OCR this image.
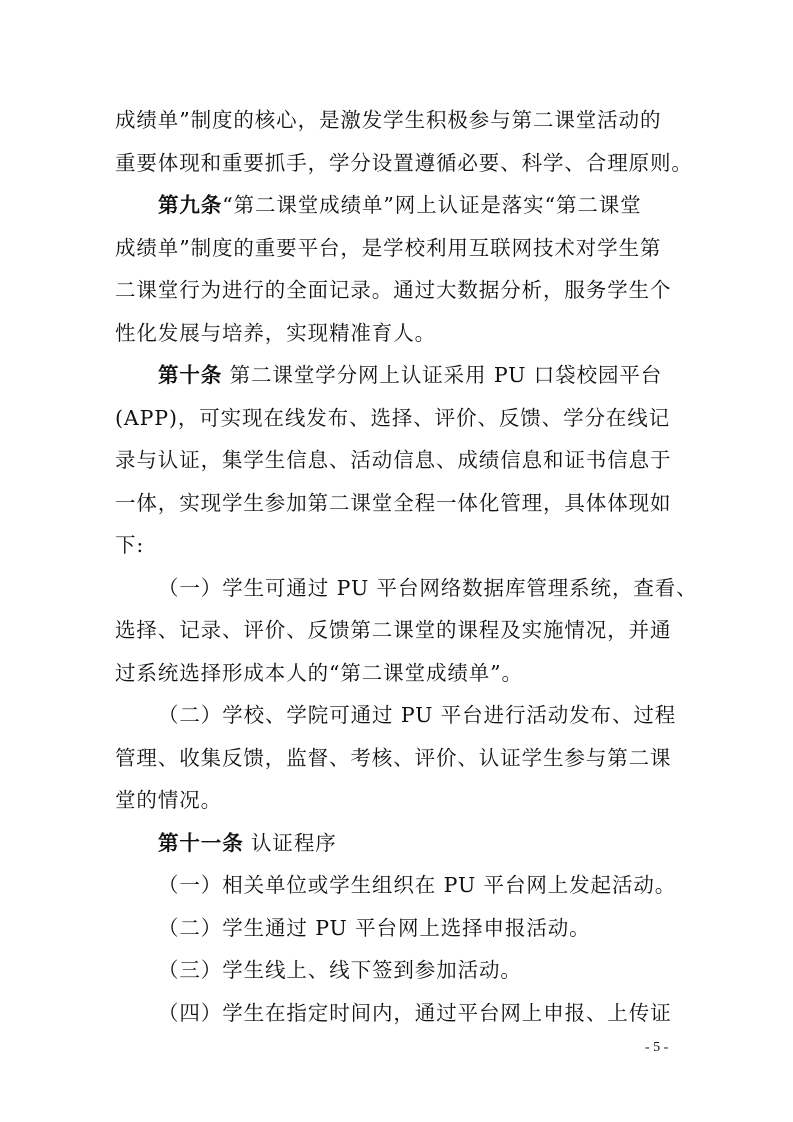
成绩单”制度的核心，是激发学生积极参与第二课堂活动的
重要体现和重要抓手，学分设置遵循必要、科学、合理原则。
第九条“第二课堂成绩单”网上认证是落实“第二课堂
成绩单”制度的重要平台，是学校利用互联网技术对学生第
二课堂行为进行的全面记录。通过大数据分析，服务学生个
性化发展与培养，实现精准育人。
第十条 第二课堂学分网上认证采用 PU 口袋校园平台
(APP)，可实现在线发布、选择、评价、反馈、学分在线记
录与认证，集学生信息、活动信息、成绩信息和证书信息于
一体，实现学生参加第二课堂全程一体化管理，具体体现如
下:
（一）学生可通过 PU 平台网络数据库管理系统，查看、
选择、记录、评价、反馈第二课堂的课程及实施情况，并通
过系统选择形成本人的“第二课堂成绩单”。
（二）学校、学院可通过 PU 平台进行活动发布、过程
管理、收集反馈，监督、考核、评价、认证学生参与第二课
堂的情况。
第十一条 认证程序
（一）相关单位或学生组织在 PU 平台网上发起活动。
（二）学生通过 PU 平台网上选择申报活动。
（三）学生线上、线下签到参加活动。
（四）学生在指定时间内，通过平台网上申报、上传证
- 5 -
